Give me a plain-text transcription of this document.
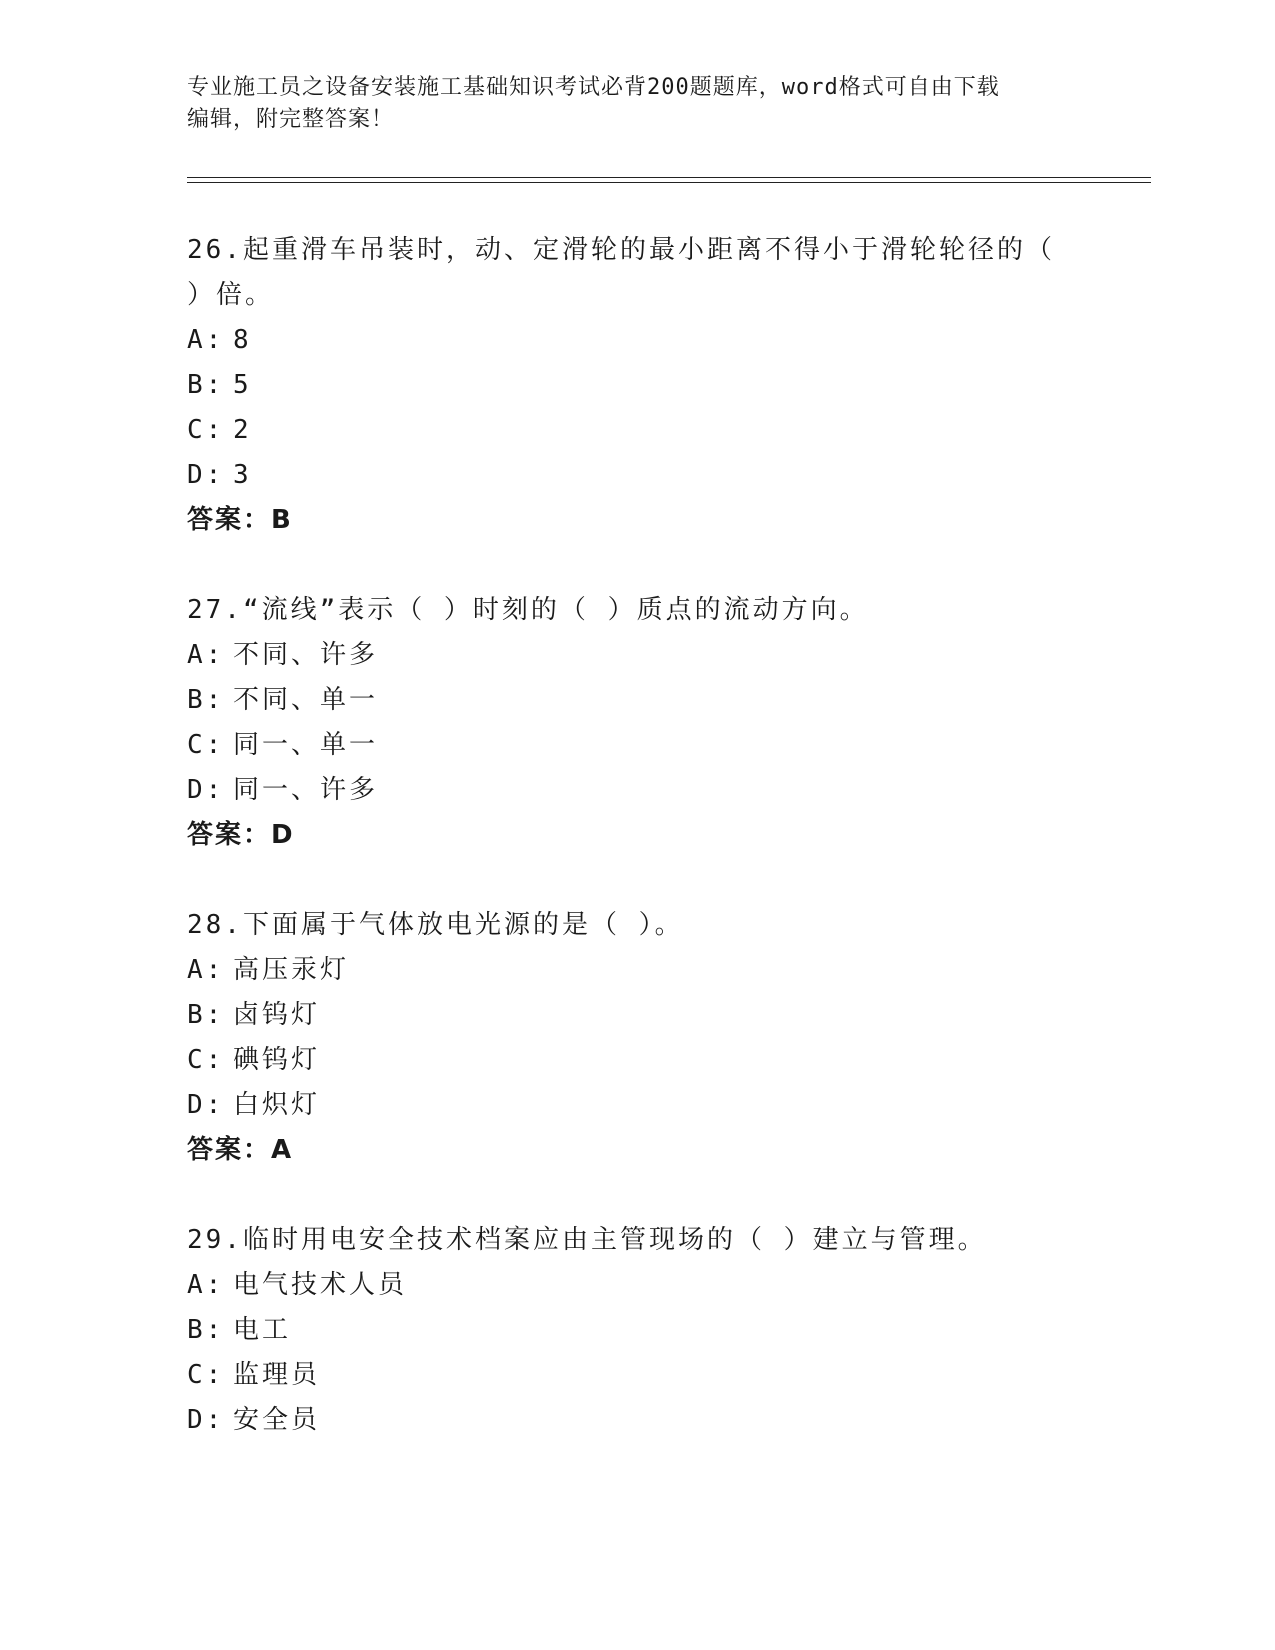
专业施工员之设备安装施工基础知识考试必背200题题库，word格式可自由下载
编辑，附完整答案！

26.起重滑车吊装时，动、定滑轮的最小距离不得小于滑轮轮径的（
）倍。

A: 8
B: 5
C: 2
D: 3
答案：B

27.“流线”表示（ ）时刻的（ ）质点的流动方向。

A: 不同、许多
B: 不同、单一
C: 同一、单一
D: 同一、许多
答案：D

28.下面属于气体放电光源的是（ ）。

A: 高压汞灯
B: 卤钨灯
C: 碘钨灯
D: 白炽灯
答案：A

29.临时用电安全技术档案应由主管现场的（ ）建立与管理。

A: 电气技术人员
B: 电工
C: 监理员
D: 安全员
